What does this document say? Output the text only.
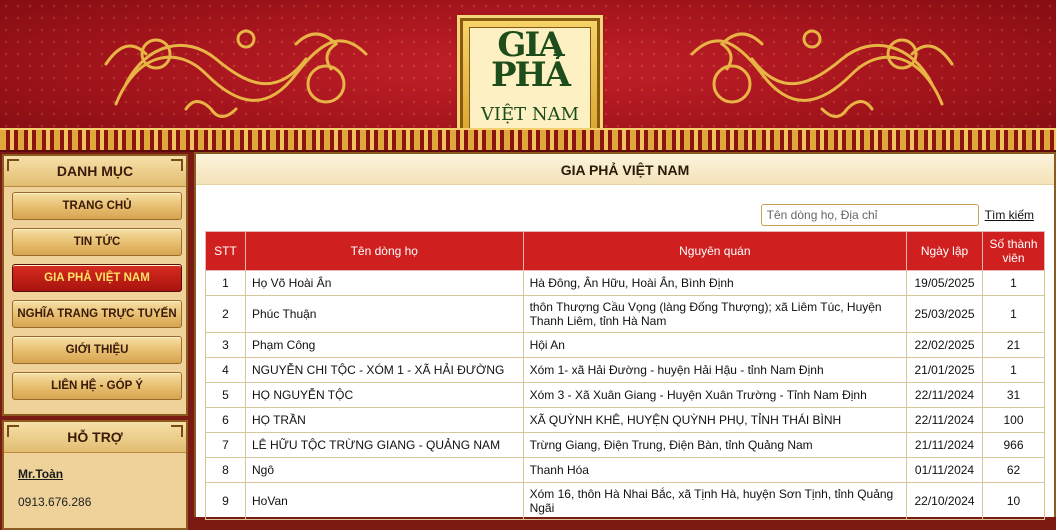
GIA
PHẢ
VIỆT NAM
DANH MỤC
TRANG CHỦ
TIN TỨC
GIA PHẢ VIỆT NAM
NGHĨA TRANG TRỰC TUYẾN
GIỚI THIỆU
LIÊN HỆ - GÓP Ý
HỖ TRỢ
Mr.Toàn
0913.676.286
GIA PHẢ VIỆT NAM
Tên dòng họ, Địa chỉ
Tìm kiếm
STT	Tên dòng họ	Nguyên quán	Ngày lập	Số thành viên
1	Họ Võ Hoài Ân	Hà Đông, Ân Hữu, Hoài Ân, Bình Định	19/05/2025	1
2	Phúc Thuận	thôn Thượng Cầu Vọng (làng Đống Thượng); xã Liêm Túc, Huyện Thanh Liêm, tỉnh Hà Nam	25/03/2025	1
3	Phạm Công	Hội An	22/02/2025	21
4	NGUYỄN CHI TỘC - XÓM 1 - XÃ HẢI ĐƯỜNG	Xóm 1- xã Hải Đường - huyện Hải Hậu - tỉnh Nam Định	21/01/2025	1
5	HỌ NGUYỄN TỘC	Xóm 3 - Xã Xuân Giang - Huyện Xuân Trường - Tỉnh Nam Định	22/11/2024	31
6	HỌ TRẦN	XÃ QUỲNH KHÊ, HUYỆN QUỲNH PHỤ, TỈNH THÁI BÌNH	22/11/2024	100
7	LÊ HỮU TỘC TRỪNG GIANG - QUẢNG NAM	Trừng Giang, Điện Trung, Điện Bàn, tỉnh Quảng Nam	21/11/2024	966
8	Ngô	Thanh Hóa	01/11/2024	62
9	HoVan	Xóm 16, thôn Hà Nhai Bắc, xã Tịnh Hà, huyện Sơn Tịnh, tỉnh Quảng Ngãi	22/10/2024	10
